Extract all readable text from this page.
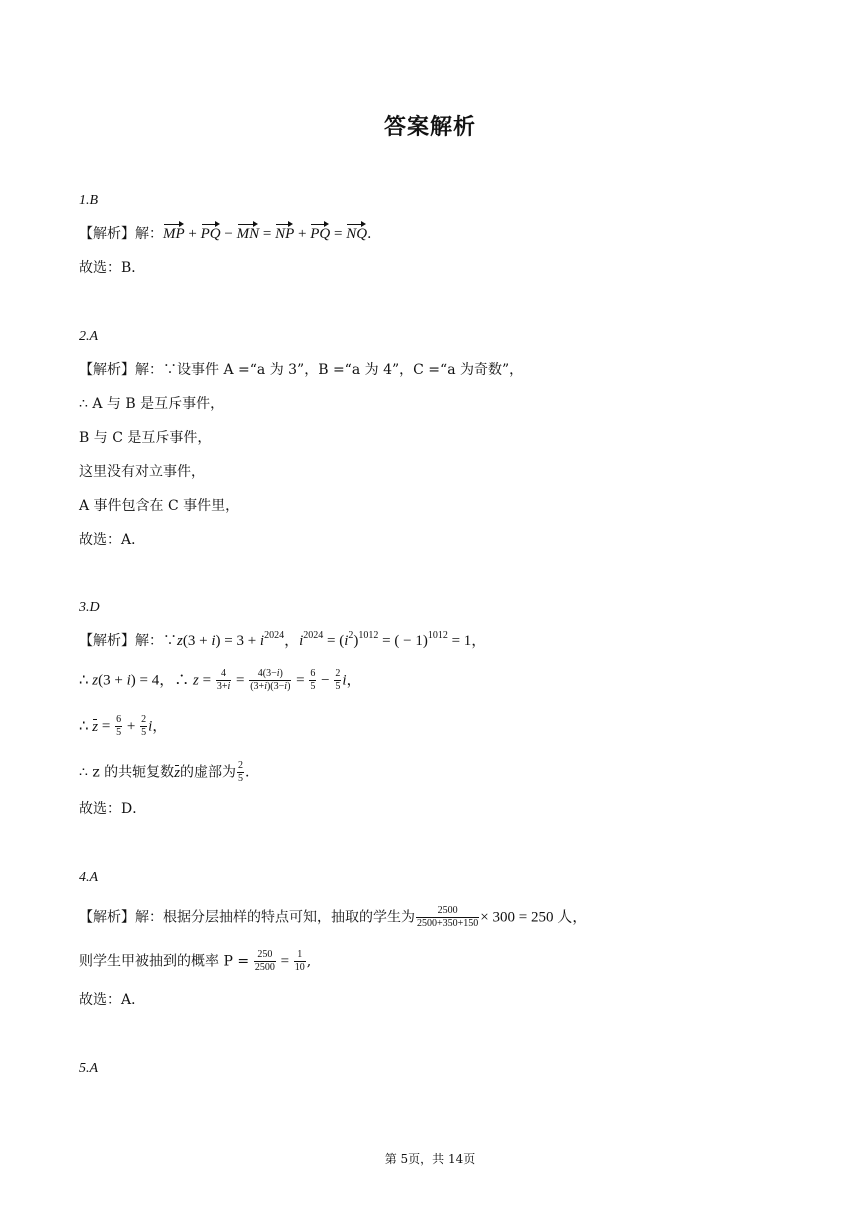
答案解析
1.B
【解析】解：MP + PQ − MN = NP + PQ = NQ.
故选：B．
2.A
【解析】解：∵设事件 A =“a 为 3”，B =“a 为 4”，C =“a 为奇数”，
∴ A 与 B 是互斥事件，
B 与 C 是互斥事件，
这里没有对立事件，
A 事件包含在 C 事件里，
故选：A．
3.D
【解析】解：∵z(3 + $i) = 3 + i^{2024}$，$i^{2024} = (i^2)^{1012}$ = ( − 1)$^{1012}$ = 1，
∴ z(3 + i) = 4，∴ $z = \frac{4}{3+i} = \frac{4(3-i)}{(3+i)(3-i)} = \frac{6}{5} - \frac{2}{5}$ i，
∴ $z = \frac{6}{5} + \frac{2}{5}$ i，
∴ z 的共轭复数z的虚部为 $\frac{2}{5}$ .
故选：D．
4.A
【解析】解：根据分层抽样的特点可知，抽取的学生为 $\frac{2500}{2500+350+150} \times 300 = 250$ 人，
则学生甲被抽到的概率 $P = \frac{250}{2500} = \frac{1}{10}$ ,
故选：A．
5.A
第 5页，共 14页
